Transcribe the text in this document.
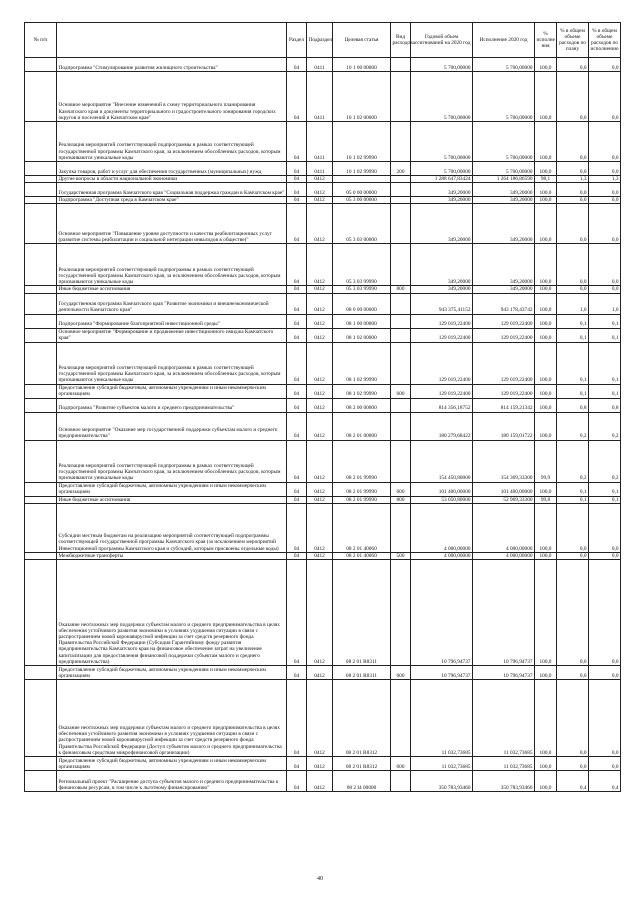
№ п/п		Раздел	Подраздел	Целевая статья	Вид расходов	Годовой объем ассигнований на 2020 год	Исполнение 2020 год	% исполне ния	% в общем объеме расходов по плану	% в общем объеме расходов по исполнению
	Подпрограмма "Стимулирование развития жилищного строительства"	04	0411	10 1 00 00000		5 700,00000	5 700,00000	100,0	0,0	0,0
	Основное мероприятие "Внесение изменений в схему территориального планирования Камчатского края и документы территориального и градостроительного зонирования городских округов и поселений в Камчатском крае"	04	0411	10 1 02 00000		5 700,00000	5 700,00000	100,0	0,0	0,0
	Реализация мероприятий соответствующей подпрограммы в рамках соответствующей государственной программы Камчатского края, за исключением обособленных расходов, которым присваиваются уникальные коды	04	0411	10 1 02 99990		5 700,00000	5 700,00000	100,0	0,0	0,0
	Закупка товаров, работ и услуг для обеспечения государственных (муниципальных) нужд	04	0411	10 1 02 99990	200	5 700,00000	5 700,00000	100,0	0,0	0,0
	Другие вопросы в области национальной экономики	04	0412			1 288 647,83424	1 264 186,86590	98,1	1,3	1,3
	Государственная программа Камчатского края "Социальная поддержка граждан в Камчатском крае"	04	0412	05 0 00 00000		349,20000	349,20000	100,0	0,0	0,0
	Подпрограмма "Доступная среда в Камчатском крае"	04	0412	05 3 00 00000		349,20000	349,20000	100,0	0,0	0,0
	Основное мероприятие "Повышение уровня доступности и качества реабилитационных услуг (развитие системы реабилитации и социальной интеграции инвалидов в обществе)"	04	0412	05 3 03 00000		349,20000	349,20000	100,0	0,0	0,0
	Реализация мероприятий соответствующей подпрограммы в рамках соответствующей государственной программы Камчатского края, за исключением обособленных расходов, которым присваиваются уникальные коды	04	0412	05 3 03 99990		349,20000	349,20000	100,0	0,0	0,0
	Иные бюджетные ассигнования	04	0412	05 3 03 99990	800	349,20000	349,20000	100,0	0,0	0,0
	Государственная программа Камчатского края "Развитие экономики и внешнеэкономической деятельности Камчатского края"	04	0412	08 0 00 00000		943 375,41152	943 178,43742	100,0	1,0	1,0
	Подпрограмма "Формирование благоприятной инвестиционной среды"	04	0412	08 1 00 00000		129 019,22400	129 019,22400	100,0	0,1	0,1
	Основное мероприятие "Формирование и продвижение инвестиционного имиджа Камчатского края"	04	0412	08 1 02 00000		129 019,22400	129 019,22400	100,0	0,1	0,1
	Реализация мероприятий соответствующей подпрограммы в рамках соответствующей государственной программы Камчатского края, за исключением обособленных расходов, которым присваиваются уникальные коды	04	0412	08 1 02 99990		129 019,22400	129 019,22400	100,0	0,1	0,1
	Предоставление субсидий бюджетным, автономным учреждениям и иным некоммерческим организациям	04	0412	08 1 02 99990	600	129 019,22400	129 019,22400	100,0	0,1	0,1
	Подпрограмма "Развитие субъектов малого и среднего предпринимательства"	04	0412	08 2 00 00000		814 356,18752	814 159,21342	100,0	0,8	0,8
	Основное мероприятие "Оказание мер государственной поддержки субъектам малого и среднего предпринимательства"	04	0412	08 2 01 00000		180 279,68422	180 159,01722	100,0	0,2	0,2
	Реализация мероприятий соответствующей подпрограммы в рамках соответствующей государственной программы Камчатского края, за исключением обособленных расходов, которым присваиваются уникальные коды	04	0412	08 2 01 99990		154 450,80000	154 369,33300	99,9	0,2	0,2
	Предоставление субсидий бюджетным, автономным учреждениям и иным некоммерческим организациям	04	0412	08 2 01 99990	600	101 400,00000	101 400,00000	100,0	0,1	0,1
	Иные бюджетные ассигнования	04	0412	08 2 01 99990	800	53 050,80000	52 969,33300	99,8	0,1	0,1
	Субсидии местным бюджетам на реализацию мероприятий соответствующей подпрограммы соответствующей государственной программы Камчатского края (за исключением мероприятий Инвестиционной программы Камчатского края и субсидий, которым присвоены отдельные коды)	04	0412	08 2 01 40060		4 000,00000	4 000,00000	100,0	0,0	0,0
	Межбюджетные трансферты	04	0412	08 2 01 40060	500	4 000,00000	4 000,00000	100,0	0,0	0,0
	Оказание неотложных мер поддержки субъектам малого и среднего предпринимательства в целях обеспечения устойчивого развития экономики в условиях ухудшения ситуации в связи с распространением новой коронавирусной инфекции за счет средств резервного фонда Правительства Российской Федерации (Субсидия Гарантийному фонду развития предпринимательства Камчатского края на финансовое обеспечение затрат на увеличение капитализации для предоставления финансовой поддержки субъектам малого и среднего предпринимательства)	04	0412	08 2 01 R8311		10 796,94737	10 796,94737	100,0	0,0	0,0
	Предоставление субсидий бюджетным, автономным учреждениям и иным некоммерческим организациям	04	0412	08 2 01 R8311	600	10 796,94737	10 796,94737	100,0	0,0	0,0
	Оказание неотложных мер поддержки субъектам малого и среднего предпринимательства в целях обеспечения устойчивого развития экономики в условиях ухудшения ситуации в связи с распространением новой коронавирусной инфекции за счет средств резервного фонда Правительства Российской Федерации (Доступ субъектов малого и среднего предпринимательства к финансовым средствам микрофинансовой организации)	04	0412	08 2 01 R8312		11 032,73685	11 032,73685	100,0	0,0	0,0
	Предоставление субсидий бюджетным, автономным учреждениям и иным некоммерческим организациям	04	0412	08 2 01 R8312	600	11 032,73685	11 032,73685	100,0	0,0	0,0
	Региональный проект "Расширение доступа субъектов малого и среднего предпринимательства к финансовым ресурсам, в том числе к льготному финансированию"	04	0412	08 2 I4 00000		350 783,93460	350 783,93460	100,0	0,4	0,4
40
